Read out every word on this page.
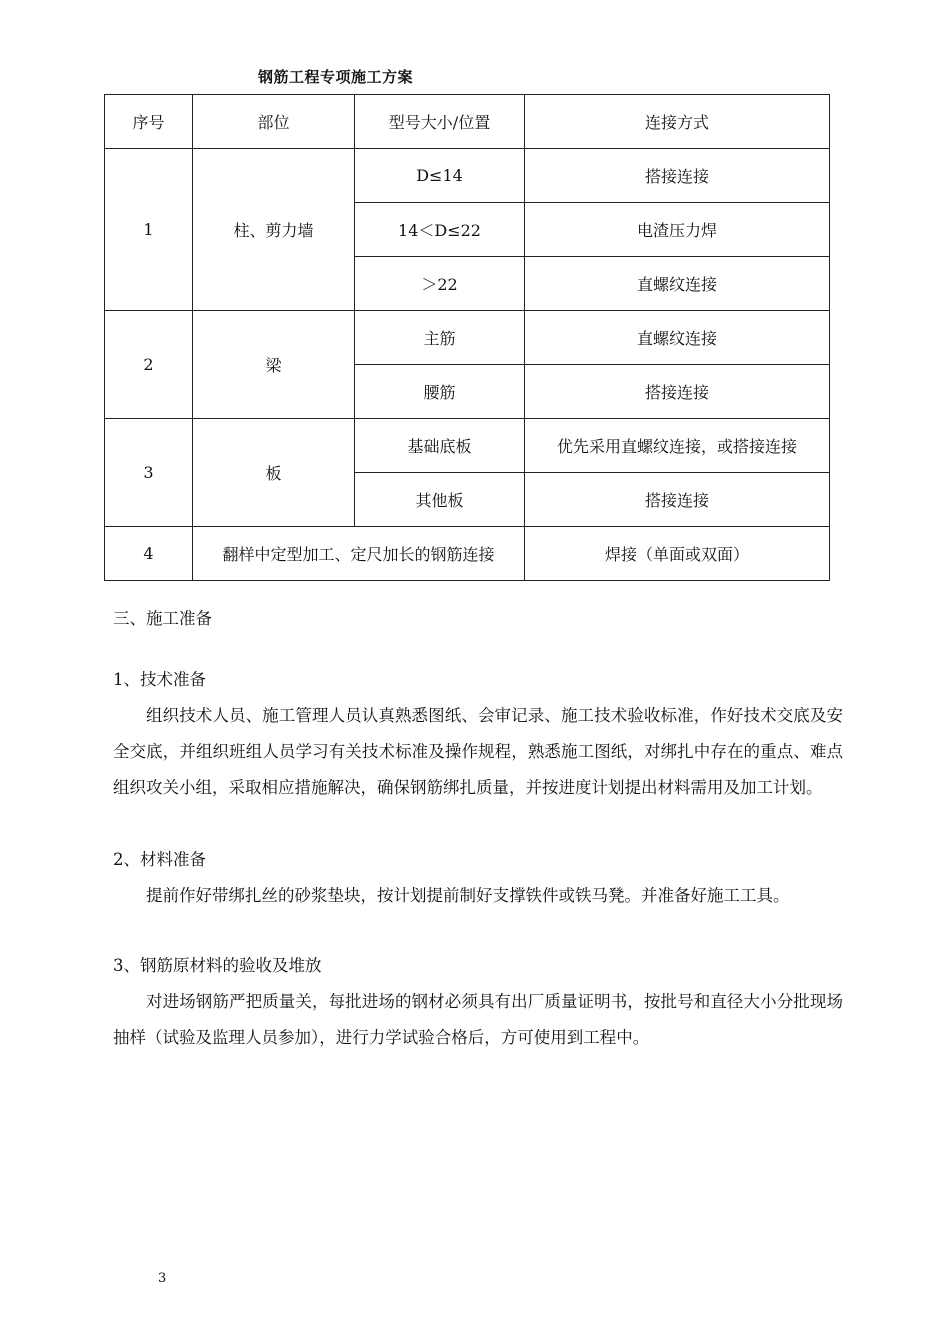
钢筋工程专项施工方案
序号	部位	型号大小/位置	连接方式
1	柱、剪力墙	D≤14	搭接连接
		14＜D≤22	电渣压力焊
		＞22	直螺纹连接
2	梁	主筋	直螺纹连接
		腰筋	搭接连接
3	板	基础底板	优先采用直螺纹连接，或搭接连接
		其他板	搭接连接
4	翻样中定型加工、定尺加长的钢筋连接		焊接（单面或双面）
三、施工准备
1、技术准备
组织技术人员、施工管理人员认真熟悉图纸、会审记录、施工技术验收标准，作好技术交底及安全交底，并组织班组人员学习有关技术标准及操作规程，熟悉施工图纸，对绑扎中存在的重点、难点组织攻关小组，采取相应措施解决，确保钢筋绑扎质量，并按进度计划提出材料需用及加工计划。
2、材料准备
提前作好带绑扎丝的砂浆垫块，按计划提前制好支撑铁件或铁马凳。并准备好施工工具。
3、钢筋原材料的验收及堆放
对进场钢筋严把质量关，每批进场的钢材必须具有出厂质量证明书，按批号和直径大小分批现场抽样（试验及监理人员参加），进行力学试验合格后，方可使用到工程中。
3
